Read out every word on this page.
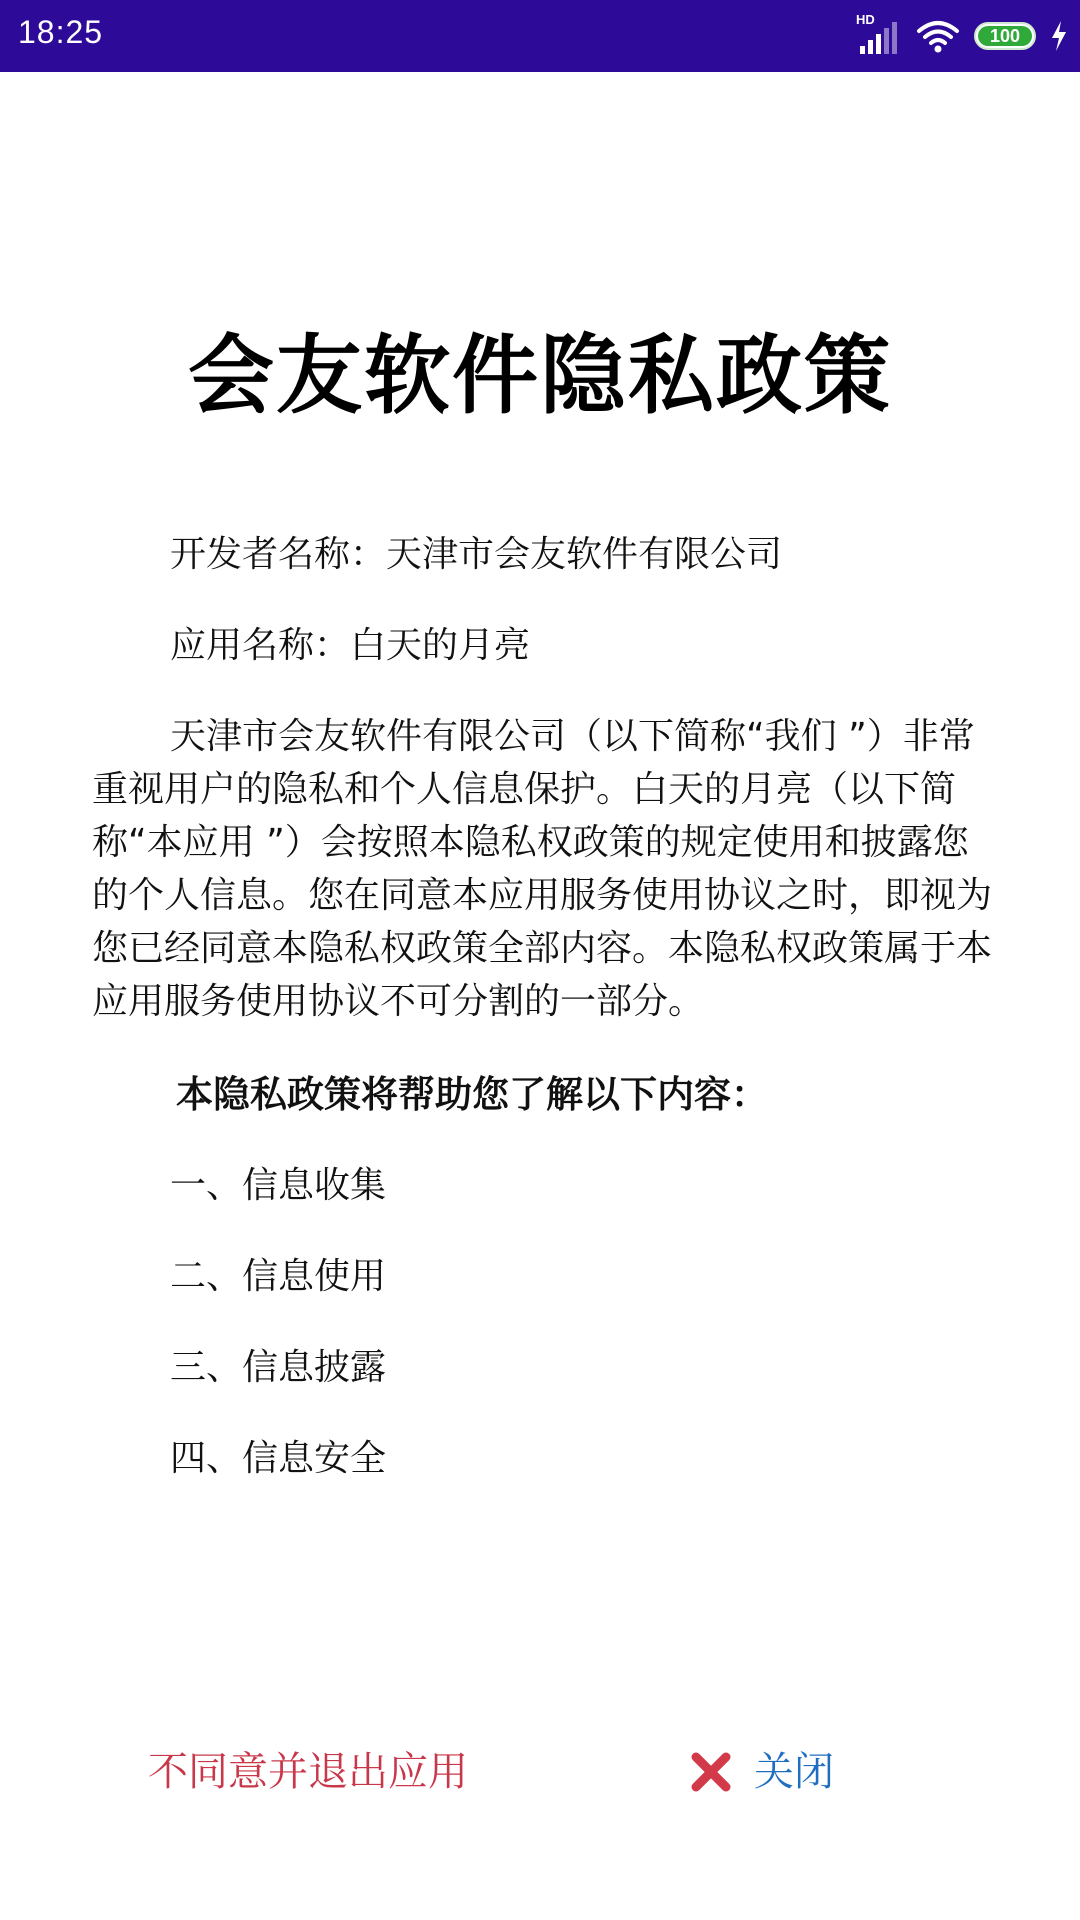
18:25	HD
100
会友软件隐私政策

开发者名称：天津市会友软件有限公司

应用名称：白天的月亮

天津市会友软件有限公司（以下简称“我们 ”）非常重视用户的隐私和个人信息保护。白天的月亮（以下简称“本应用 ”）会按照本隐私权政策的规定使用和披露您的个人信息。您在同意本应用服务使用协议之时，即视为您已经同意本隐私权政策全部内容。本隐私权政策属于本应用服务使用协议不可分割的一部分。

本隐私政策将帮助您了解以下内容：

一、信息收集

二、信息使用

三、信息披露

四、信息安全

不同意并退出应用	关闭
